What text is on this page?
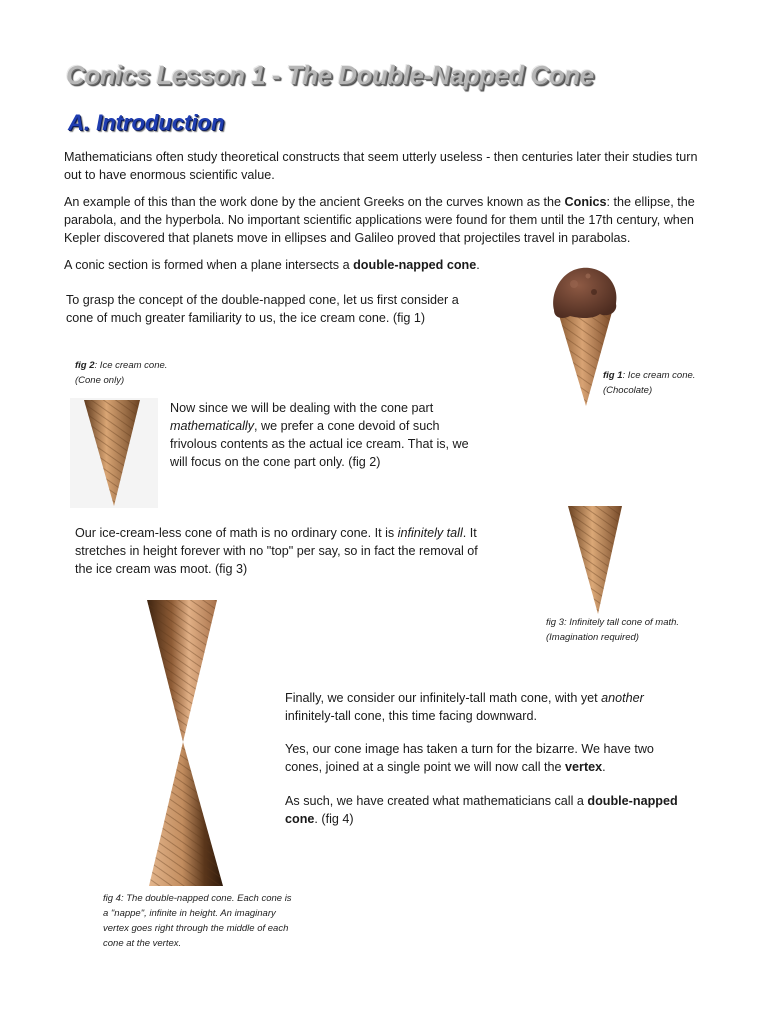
Conics Lesson 1 - The Double-Napped Cone
A. Introduction
Mathematicians often study theoretical constructs that seem utterly useless - then centuries later their studies turn out to have enormous scientific value.
An example of this than the work done by the ancient Greeks on the curves known as the Conics: the ellipse, the parabola, and the hyperbola. No important scientific applications were found for them until the 17th century, when Kepler discovered that planets move in ellipses and Galileo proved that projectiles travel in parabolas.
A conic section is formed when a plane intersects a double-napped cone.
To grasp the concept of the double-napped cone, let us first consider a cone of much greater familiarity to us, the ice cream cone. (fig 1)
fig 1: Ice cream cone.
(Chocolate)
fig 2: Ice cream cone.
(Cone only)
Now since we will be dealing with the cone part mathematically, we prefer a cone devoid of such frivolous contents as the actual ice cream. That is, we will focus on the cone part only. (fig 2)
Our ice-cream-less cone of math is no ordinary cone. It is infinitely tall. It stretches in height forever with no "top" per say, so in fact the removal of the ice cream was moot. (fig 3)
fig 3: Infinitely tall cone of math.
(Imagination required)
Finally, we consider our infinitely-tall math cone, with yet another infinitely-tall cone, this time facing downward.
Yes, our cone image has taken a turn for the bizarre. We have two cones, joined at a single point we will now call the vertex.
As such, we have created what mathematicians call a double-napped cone. (fig 4)
fig 4: The double-napped cone. Each cone is a "nappe", infinite in height. An imaginary vertex goes right through the middle of each cone at the vertex.
